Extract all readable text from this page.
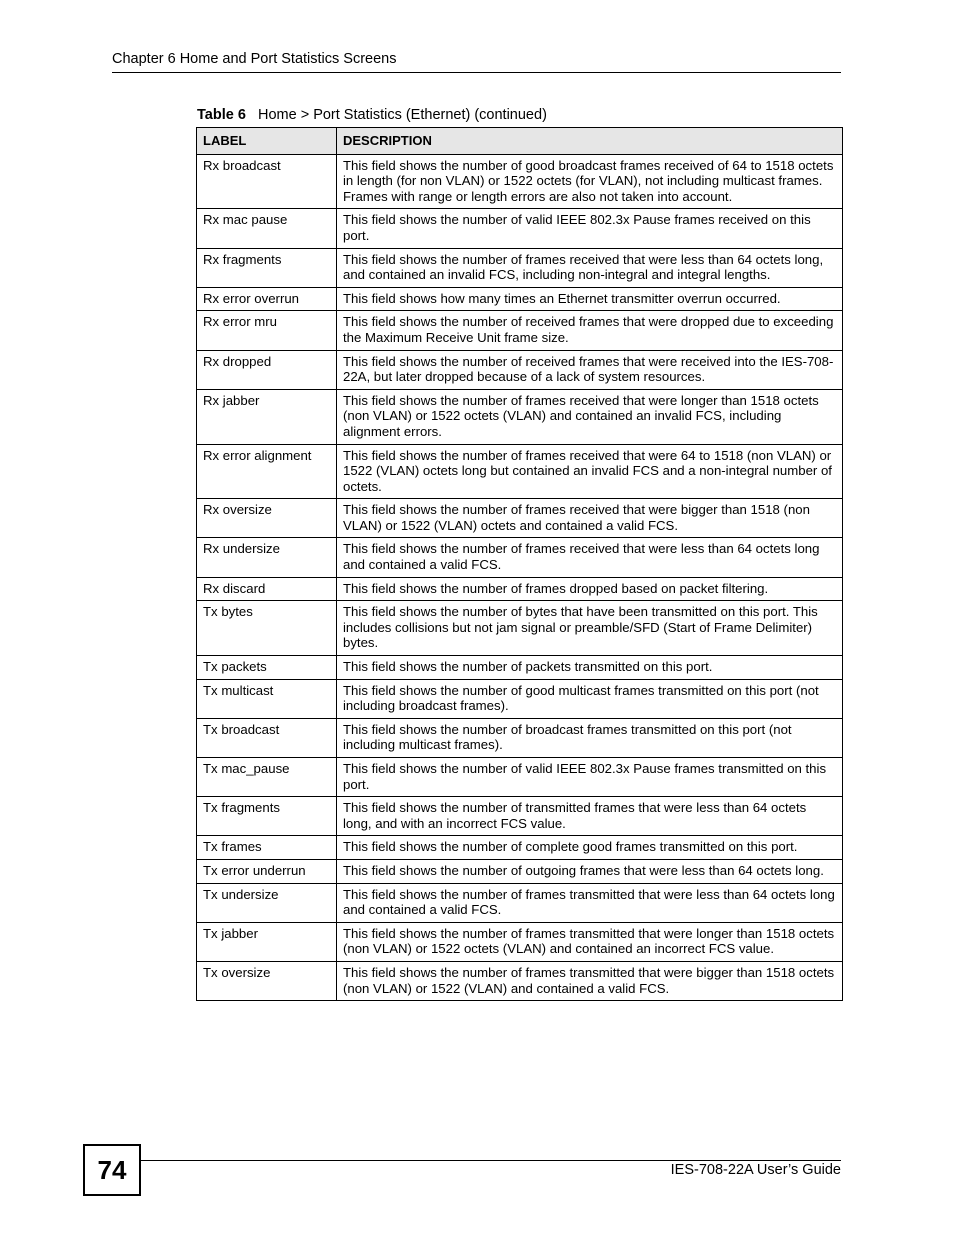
Chapter 6 Home and Port Statistics Screens
Table 6 Home > Port Statistics (Ethernet) (continued)
LABEL	DESCRIPTION
Rx broadcast	This field shows the number of good broadcast frames received of 64 to 1518 octets in length (for non VLAN) or 1522 octets (for VLAN), not including multicast frames. Frames with range or length errors are also not taken into account.
Rx mac pause	This field shows the number of valid IEEE 802.3x Pause frames received on this port.
Rx fragments	This field shows the number of frames received that were less than 64 octets long, and contained an invalid FCS, including non-integral and integral lengths.
Rx error overrun	This field shows how many times an Ethernet transmitter overrun occurred.
Rx error mru	This field shows the number of received frames that were dropped due to exceeding the Maximum Receive Unit frame size.
Rx dropped	This field shows the number of received frames that were received into the IES-708-22A, but later dropped because of a lack of system resources.
Rx jabber	This field shows the number of frames received that were longer than 1518 octets (non VLAN) or 1522 octets (VLAN) and contained an invalid FCS, including alignment errors.
Rx error alignment	This field shows the number of frames received that were 64 to 1518 (non VLAN) or 1522 (VLAN) octets long but contained an invalid FCS and a non-integral number of octets.
Rx oversize	This field shows the number of frames received that were bigger than 1518 (non VLAN) or 1522 (VLAN) octets and contained a valid FCS.
Rx undersize	This field shows the number of frames received that were less than 64 octets long and contained a valid FCS.
Rx discard	This field shows the number of frames dropped based on packet filtering.
Tx bytes	This field shows the number of bytes that have been transmitted on this port. This includes collisions but not jam signal or preamble/SFD (Start of Frame Delimiter) bytes.
Tx packets	This field shows the number of packets transmitted on this port.
Tx multicast	This field shows the number of good multicast frames transmitted on this port (not including broadcast frames).
Tx broadcast	This field shows the number of broadcast frames transmitted on this port (not including multicast frames).
Tx mac_pause	This field shows the number of valid IEEE 802.3x Pause frames transmitted on this port.
Tx fragments	This field shows the number of transmitted frames that were less than 64 octets long, and with an incorrect FCS value.
Tx frames	This field shows the number of complete good frames transmitted on this port.
Tx error underrun	This field shows the number of outgoing frames that were less than 64 octets long.
Tx undersize	This field shows the number of frames transmitted that were less than 64 octets long and contained a valid FCS.
Tx jabber	This field shows the number of frames transmitted that were longer than 1518 octets (non VLAN) or 1522 octets (VLAN) and contained an incorrect FCS value.
Tx oversize	This field shows the number of frames transmitted that were bigger than 1518 octets (non VLAN) or 1522 (VLAN) and contained a valid FCS.
74	IES-708-22A User’s Guide
